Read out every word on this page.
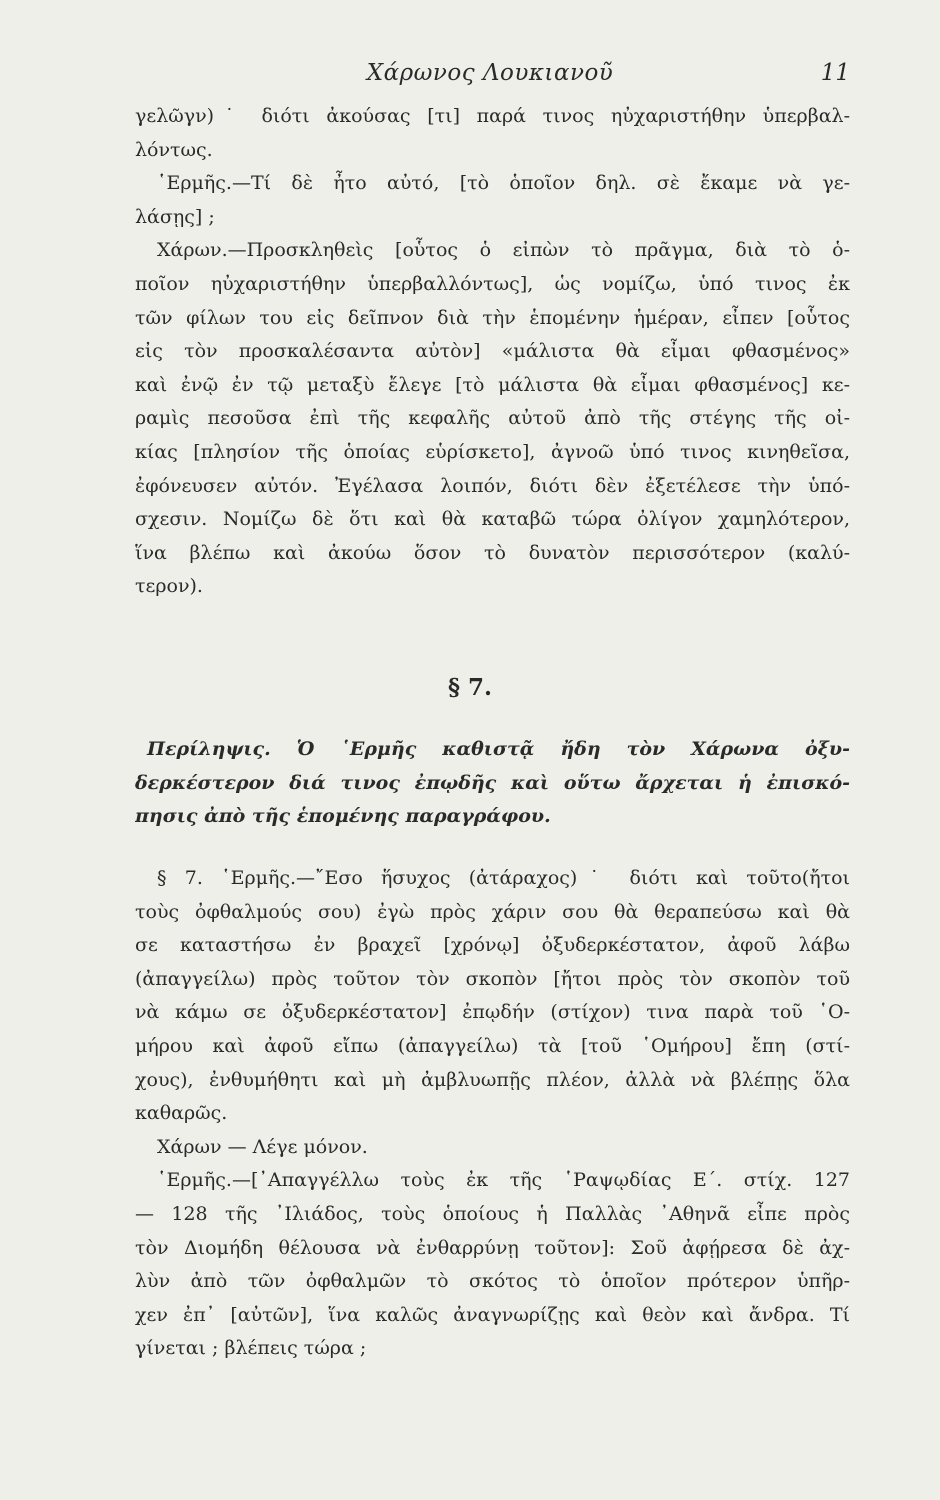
Χάρωνος Λουκιανοῦ	11
γελῶγν)˙ διότι ἀκούσας [τι] παρά τινος ηὐχαριστήθην ὑπερβαλ-
λόντως.
῾Ερμῆς.—Τί δὲ ἦτο αὐτό, [τὸ ὁποῖον δηλ. σὲ ἔκαμε νὰ γε-
λάσῃς] ;
Χάρων.—Προσκληθεὶς [οὗτος ὁ εἰπὼν τὸ πρᾶγμα, διὰ τὸ ὁ-
ποῖον ηὐχαριστήθην ὑπερβαλλόντως], ὡς νομίζω, ὑπό τινος ἐκ
τῶν φίλων του εἰς δεῖπνον διὰ τὴν ἑπομένην ἡμέραν, εἶπεν [οὗτος
εἰς τὸν προσκαλέσαντα αὐτὸν] «μάλιστα θὰ εἶμαι φθασμένος»
καὶ ἐνῷ ἐν τῷ μεταξὺ ἔλεγε [τὸ μάλιστα θὰ εἶμαι φθασμένος] κε-
ραμὶς πεσοῦσα ἐπὶ τῆς κεφαλῆς αὐτοῦ ἀπὸ τῆς στέγης τῆς οἰ-
κίας [πλησίον τῆς ὁποίας εὑρίσκετο], ἀγνοῶ ὑπό τινος κινηθεῖσα,
ἐφόνευσεν αὐτόν. Ἐγέλασα λοιπόν, διότι δὲν ἐξετέλεσε τὴν ὑπό-
σχεσιν. Νομίζω δὲ ὅτι καὶ θὰ καταβῶ τώρα ὀλίγον χαμηλότερον,
ἵνα βλέπω καὶ ἀκούω ὅσον τὸ δυνατὸν περισσότερον (καλύ-
τερον).
§ 7.
Περίληψις. Ὁ ῾Ερμῆς καθιστᾷ ἤδη τὸν Χάρωνα ὀξυ-
δερκέστερον διά τινος ἐπῳδῆς καὶ οὕτω ἄρχεται ἡ ἐπισκό-
πησις ἀπὸ τῆς ἑπομένης παραγράφου.
§ 7. ῾Ερμῆς.—῎Εσο ἥσυχος (ἀτάραχος)˙ διότι καὶ τοῦτο(ἤτοι
τοὺς ὀφθαλμούς σου) ἐγὼ πρὸς χάριν σου θὰ θεραπεύσω καὶ θὰ
σε καταστήσω ἐν βραχεῖ [χρόνῳ] ὀξυδερκέστατον, ἀφοῦ λάβω
(ἀπαγγείλω) πρὸς τοῦτον τὸν σκοπὸν [ἤτοι πρὸς τὸν σκοπὸν τοῦ
νὰ κάμω σε ὀξυδερκέστατον] ἐπῳδήν (στίχον) τινα παρὰ τοῦ ῾Ο-
μήρου καὶ ἀφοῦ εἴπω (ἀπαγγείλω) τὰ [τοῦ ῾Ομήρου] ἔπη (στί-
χους), ἐνθυμήθητι καὶ μὴ ἀμβλυωπῇς πλέον, ἀλλὰ νὰ βλέπῃς ὅλα
καθαρῶς.
Χάρων — Λέγε μόνον.
῾Ερμῆς.—[᾿Απαγγέλλω τοὺς ἐκ τῆς ῾Ραψῳδίας Ε΄. στίχ. 127
— 128 τῆς ᾿Ιλιάδος, τοὺς ὁποίους ἡ Παλλὰς ᾿Αθηνᾶ εἶπε πρὸς
τὸν Διομήδη θέλουσα νὰ ἐνθαρρύνῃ τοῦτον]: Σοῦ ἀφῄρεσα δὲ ἀχ-
λὺν ἀπὸ τῶν ὀφθαλμῶν τὸ σκότος τὸ ὁποῖον πρότερον ὑπῆρ-
χεν ἐπ᾿ [αὐτῶν], ἵνα καλῶς ἀναγνωρίζῃς καὶ θεὸν καὶ ἄνδρα. Τί
γίνεται ; βλέπεις τώρα ;
